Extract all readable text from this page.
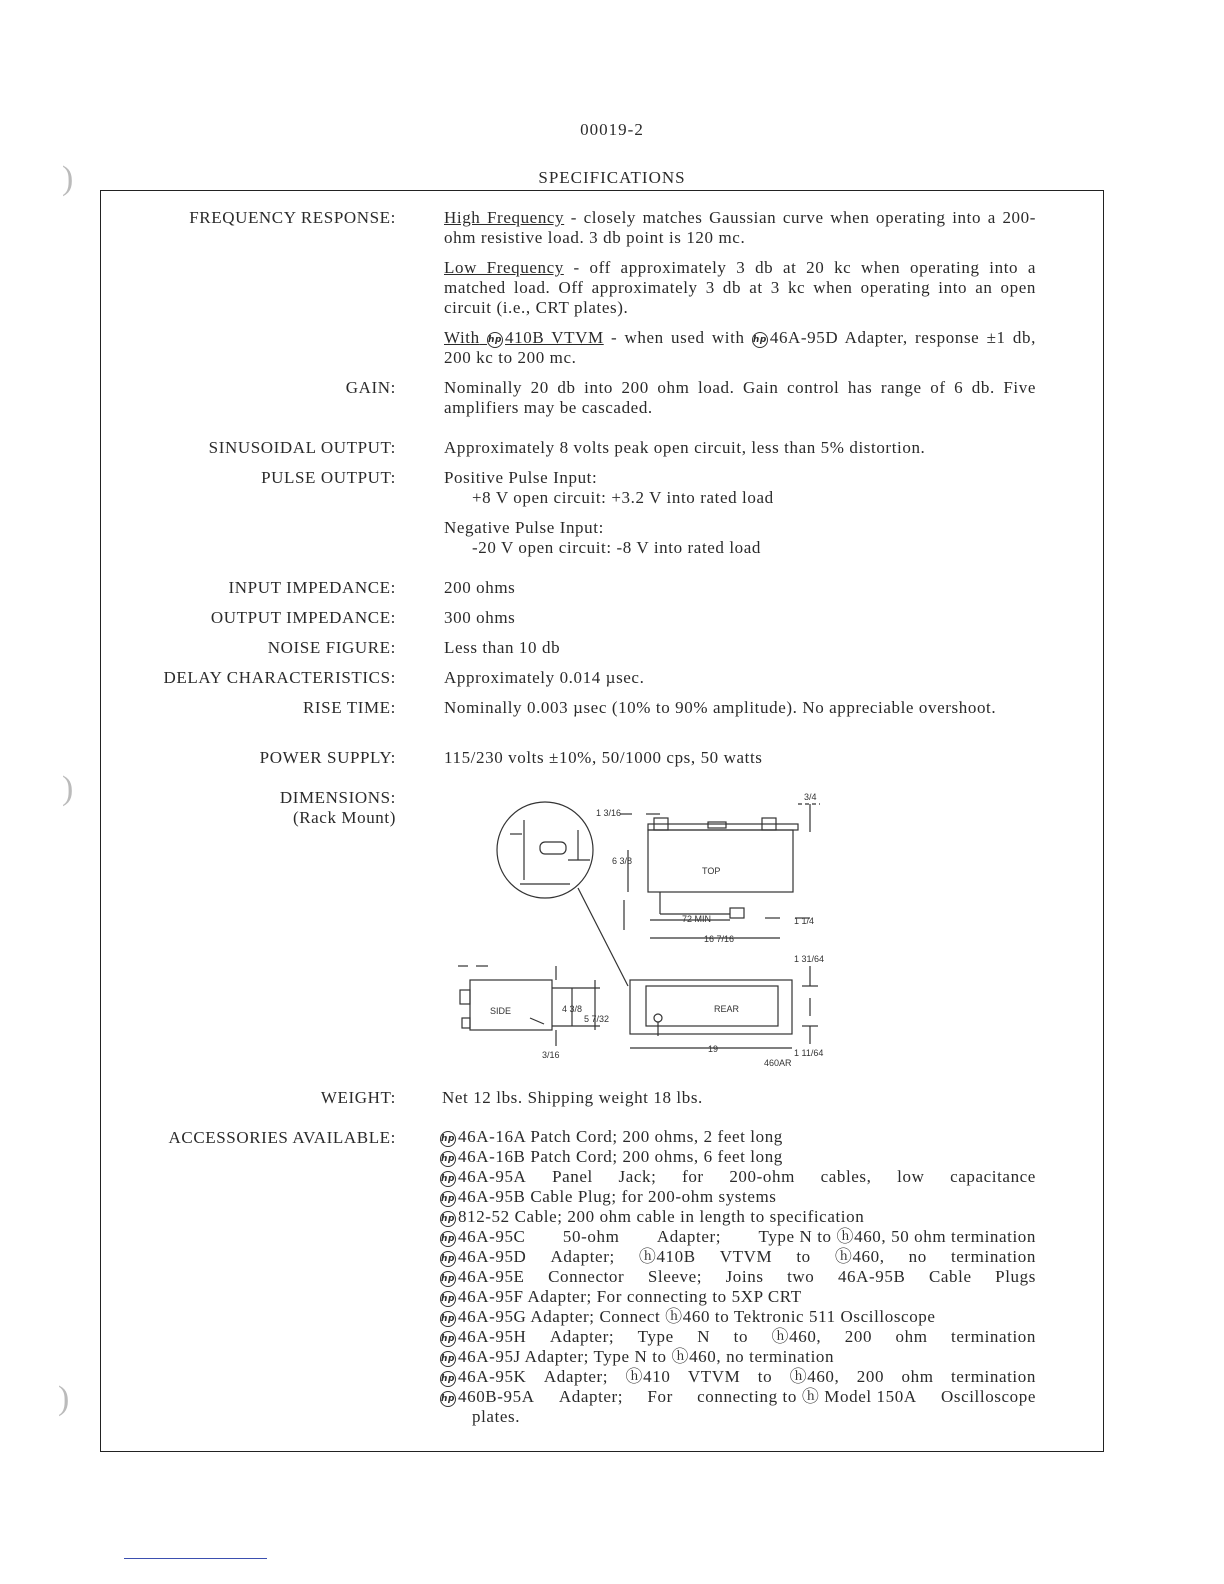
)
)
)
00019-2
SPECIFICATIONS
FREQUENCY RESPONSE:	High Frequency - closely matches Gaussian curve when operating into a 200-ohm resistive load. 3 db point is 120 mc.
Low Frequency - off approximately 3 db at 20 kc when operating into a matched load. Off approximately 3 db at 3 kc when operating into an open circuit (i.e., CRT plates).
With hp 410B VTVM - when used with hp 46A-95D Adapter, response ±1 db, 200 kc to 200 mc.
GAIN:	Nominally 20 db into 200 ohm load. Gain control has range of 6 db. Five amplifiers may be cascaded.
SINUSOIDAL OUTPUT:	Approximately 8 volts peak open circuit, less than 5% distortion.
PULSE OUTPUT:	Positive Pulse Input:
+8 V open circuit: +3.2 V into rated load
Negative Pulse Input:
-20 V open circuit: -8 V into rated load
INPUT IMPEDANCE:	200 ohms
OUTPUT IMPEDANCE:	300 ohms
NOISE FIGURE:	Less than 10 db
DELAY CHARACTERISTICS:	Approximately 0.014 µsec.
RISE TIME:	Nominally 0.003 µsec (10% to 90% amplitude). No appreciable overshoot.
POWER SUPPLY:	115/230 volts ±10%, 50/1000 cps, 50 watts
DIMENSIONS:
(Rack Mount)
TOP
SIDE	REAR
72 MIN
16 7/16
19
6 3/8
460AR
1 3/16
3/4
1 1/4
1 31/64
4 3/8
5 7/32
3/16	1 11/64
WEIGHT:	Net 12 lbs. Shipping weight 18 lbs.
ACCESSORIES AVAILABLE:	hp 46A-16A Patch Cord; 200 ohms, 2 feet long
hp 46A-16B Patch Cord; 200 ohms, 6 feet long
hp 46A-95A Panel Jack; for 200-ohm cables, low capacitance
hp 46A-95B Cable Plug; for 200-ohm systems
hp 812-52 Cable; 200 ohm cable in length to specification
hp 46A-95C 50-ohm Adapter; Type N to ⓗ460, 50 ohm termination
hp 46A-95D Adapter; ⓗ410B VTVM to ⓗ460, no termination
hp 46A-95E Connector Sleeve; Joins two 46A-95B Cable Plugs
hp 46A-95F Adapter; For connecting to 5XP CRT
hp 46A-95G Adapter; Connect ⓗ460 to Tektronic 511 Oscilloscope
hp 46A-95H Adapter; Type N to ⓗ460, 200 ohm termination
hp 46A-95J Adapter; Type N to ⓗ460, no termination
hp 46A-95K Adapter; ⓗ410 VTVM to ⓗ460, 200 ohm termination
hp 460B-95A Adapter; For connecting to ⓗ Model 150A Oscilloscope
plates.
